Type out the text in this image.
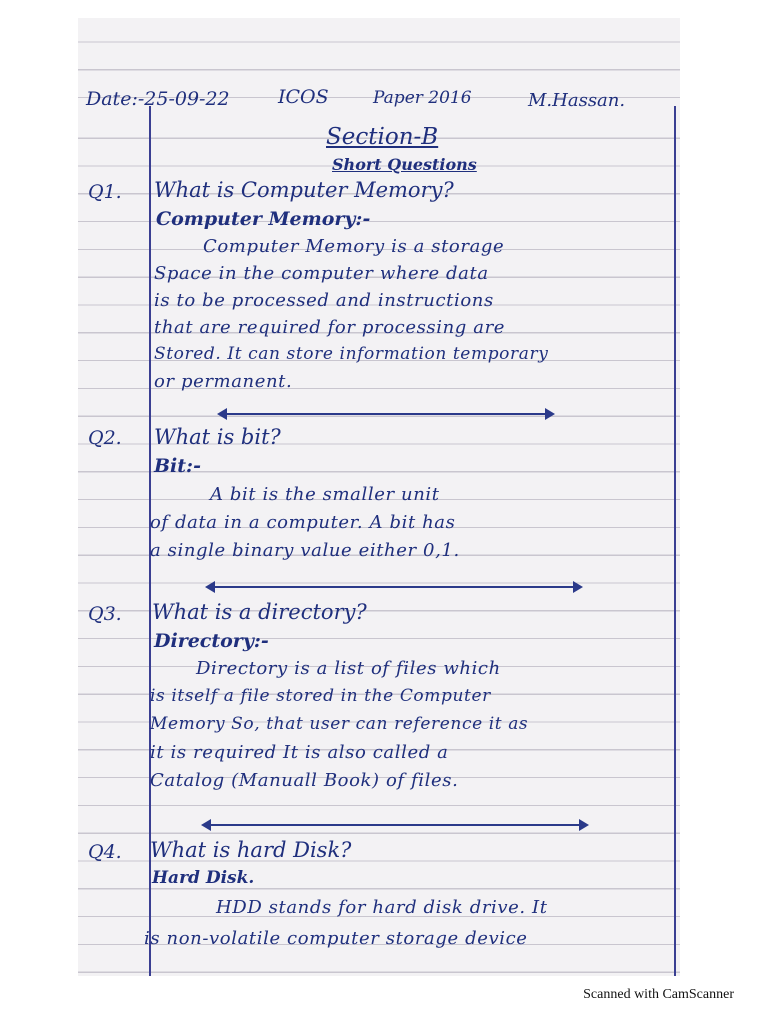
Date:-25-09-22	ICOS	Paper 2016	M.Hassan.
Section-B
Short Questions
Q1. What is Computer Memory?
Computer Memory:-
Computer Memory is a storage
Space in the computer where data
is to be processed and instructions
that are required for processing are
Stored. It can store information temporary
or permanent.
Q2. What is bit?
Bit:-
A bit is the smaller unit
of data in a computer. A bit has
a single binary value either 0,1.
Q3. What is a directory?
Directory:-
Directory is a list of files which
is itself a file stored in the Computer
Memory So, that user can reference it as
it is required It is also called a
Catalog (Manuall Book) of files.
Q4. What is hard Disk?
Hard Disk.
HDD stands for hard disk drive. It
is non-volatile computer storage device
Scanned with CamScanner
